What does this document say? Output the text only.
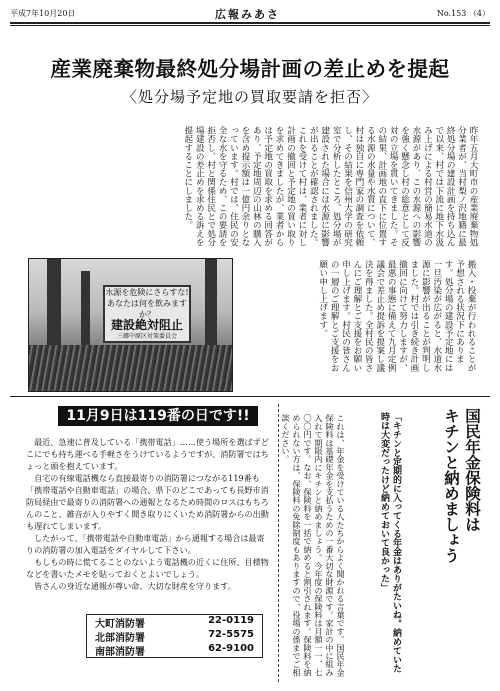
平成7年10月20日	広報みあさ	No.153 （4）
産業廃棄物最終処分場計画の差止めを提起
〈処分場予定地の買取要請を拒否〉
昨年五月大町市の産業廃棄物処分業者が、当村梨ノ沢地籍に最終処分場の建設計画を持ち込んで以来、村では下流に地下水汲み上げによる村営の簡易水道の水源があり、この水源への影響を強く懸念し村の総意として反対の立場を貫いてきました。その結果、計画地の直下に位置する水源の水量や水質について、村は独自に専門家の調査を依頼し、その結果を信州大学の研究室で分析したところ、処分場が建設された場合には水源に影響が出ることが確認されました。これを受けて村は、業者に対し計画の撤回と予定地の買い取りを求めてきましたが、業者からは予定地の買取を求める回答があり、予定地周辺の山林の購入を含め提示額は一億円余りとなっています。村では、住民の安全な水を守るため、この要請を拒否し、村と関係住民とで処分場建設の差止めを求める訴えを提起することにしました。
水源を危険にさらすな!
あなたは何を飲みますか？
建設絶対阻止
三郷中原区対策委員会	搬入・投棄が行われることが予想される状況下にあります。処分場の建設予定地には一旦汚染が広がると、水道水源に影響が出ることが判明しました。村では引き続き計画撤回に向けて努力しますが、最悪の事態に備えて九月定例議会で差止め提訴を提案し議決を得ました。全村民の皆さんにご理解とご支援をお願い申し上げます。村民の皆さんの一層のご理解とご支援をお願い申し上げます。
11月9日は119番の日です!!

最近、急速に普及している「携帯電話」……使う場所を選ばずどこにでも持ち運べる手軽さをうけているようですが、消防署ではちょっと頭を抱えています。

自宅の有線電話機なら直接最寄りの消防署につながる119番も「携帯電話や自動車電話」の場合、県下のどこであっても長野市消防局経由で最寄りの消防署への通報となるため時間のロスはもちろんのこと、雑音が入りやすく聞き取りにくいため消防署からの出動も遅れてしまいます。

したがって、「携帯電話や自動車電話」から通報する場合は最寄りの消防署の加入電話をダイヤルして下さい。

もしもの時に慌てることのないよう電話機の近くに住所、目標物などを書いたメモを貼っておくとよいでしょう。

皆さんの身近な通報が尊い命、大切な財産を守ります。

大町消防署	22-0119
北部消防署	72-5575
南部消防署	62-9100
国民年金保険料は
キチンと納めましょう
「キチンと定期的に入ってくる年金はありがたいね。納めていた時は大変だったけど納めておいて良かった」
これは、年金を受けている人たちからよく聞かれる言葉です。国民年金保険料は基礎年金を支払うための一番大切な財源です。家計の中に組み入れて期限内にキチンと納めましょう。今年度の保険料は月額一一、七〇〇円です。なお、保険料を一括で納めると割引されます。保険料を納められない方は、保険料の免除制度もありますので、役場の係までご相談ください。
